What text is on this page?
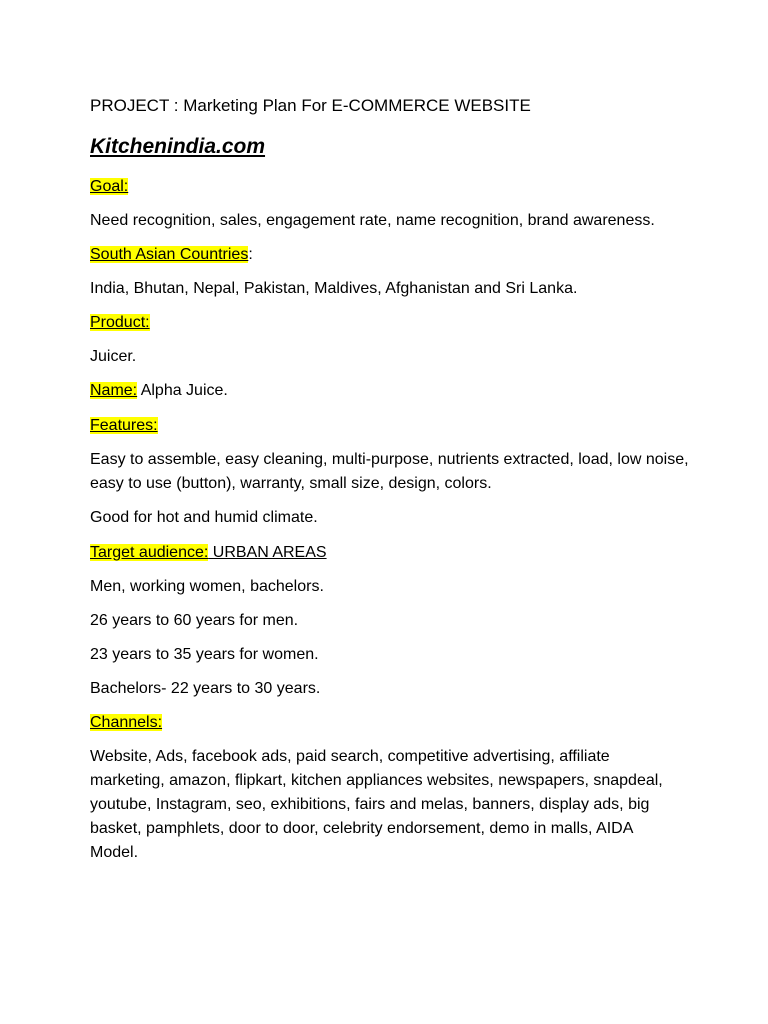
PROJECT : Marketing Plan For E-COMMERCE WEBSITE
Kitchenindia.com
Goal:
Need recognition, sales, engagement rate, name recognition, brand awareness.
South Asian Countries:
India, Bhutan, Nepal, Pakistan, Maldives, Afghanistan and Sri Lanka.
Product:
Juicer.
Name: Alpha Juice.
Features:
Easy to assemble, easy cleaning, multi-purpose, nutrients extracted, load, low noise, easy to use (button), warranty, small size, design, colors.
Good for hot and humid climate.
Target audience: URBAN AREAS
Men, working women, bachelors.
26 years to 60 years for men.
23 years to 35 years for women.
Bachelors- 22 years to 30 years.
Channels:
Website, Ads, facebook ads, paid search, competitive advertising, affiliate marketing, amazon, flipkart, kitchen appliances websites, newspapers, snapdeal, youtube, Instagram, seo, exhibitions, fairs and melas, banners, display ads, big basket, pamphlets, door to door, celebrity endorsement, demo in malls, AIDA Model.
